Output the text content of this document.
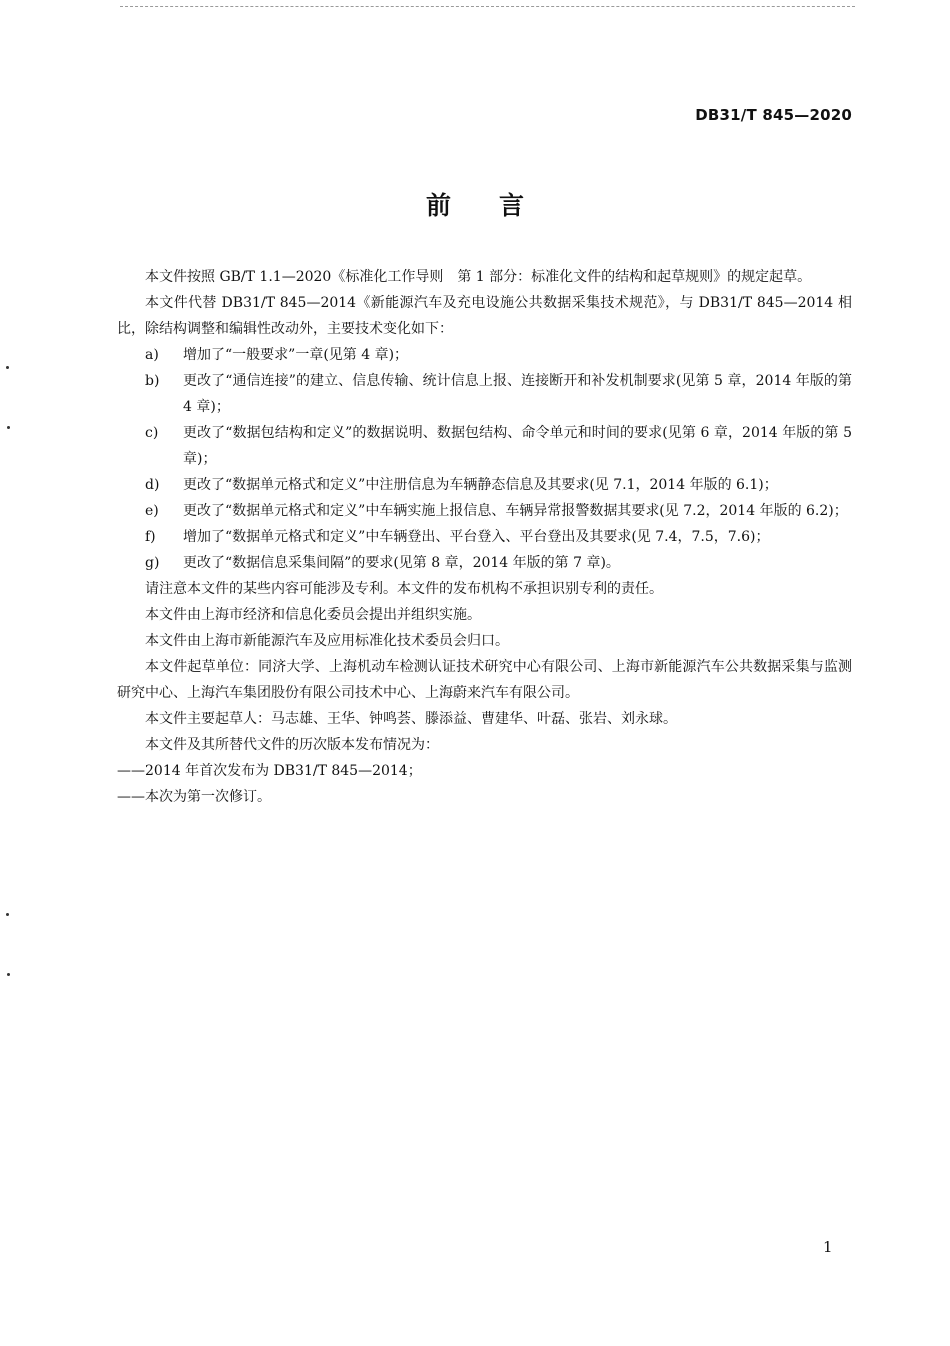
DB31/T 845—2020
前言

本文件按照 GB/T 1.1—2020《标准化工作导则　第 1 部分：标准化文件的结构和起草规则》的规定起草。

本文件代替 DB31/T 845—2014《新能源汽车及充电设施公共数据采集技术规范》，与 DB31/T 845—2014 相比，除结构调整和编辑性改动外，主要技术变化如下：

a) 增加了“一般要求”一章(见第 4 章)；

b) 更改了“通信连接”的建立、信息传输、统计信息上报、连接断开和补发机制要求(见第 5 章，2014 年版的第 4 章)；

c) 更改了“数据包结构和定义”的数据说明、数据包结构、命令单元和时间的要求(见第 6 章，2014 年版的第 5 章)；

d) 更改了“数据单元格式和定义”中注册信息为车辆静态信息及其要求(见 7.1，2014 年版的 6.1)；

e) 更改了“数据单元格式和定义”中车辆实施上报信息、车辆异常报警数据其要求(见 7.2，2014 年版的 6.2)；

f) 增加了“数据单元格式和定义”中车辆登出、平台登入、平台登出及其要求(见 7.4，7.5，7.6)；

g) 更改了“数据信息采集间隔”的要求(见第 8 章，2014 年版的第 7 章)。

请注意本文件的某些内容可能涉及专利。本文件的发布机构不承担识别专利的责任。

本文件由上海市经济和信息化委员会提出并组织实施。

本文件由上海市新能源汽车及应用标准化技术委员会归口。

本文件起草单位：同济大学、上海机动车检测认证技术研究中心有限公司、上海市新能源汽车公共数据采集与监测研究中心、上海汽车集团股份有限公司技术中心、上海蔚来汽车有限公司。

本文件主要起草人：马志雄、王华、钟鸣荟、滕添益、曹建华、叶磊、张岩、刘永球。

本文件及其所替代文件的历次版本发布情况为：

——2014 年首次发布为 DB31/T 845—2014；

——本次为第一次修订。

1
